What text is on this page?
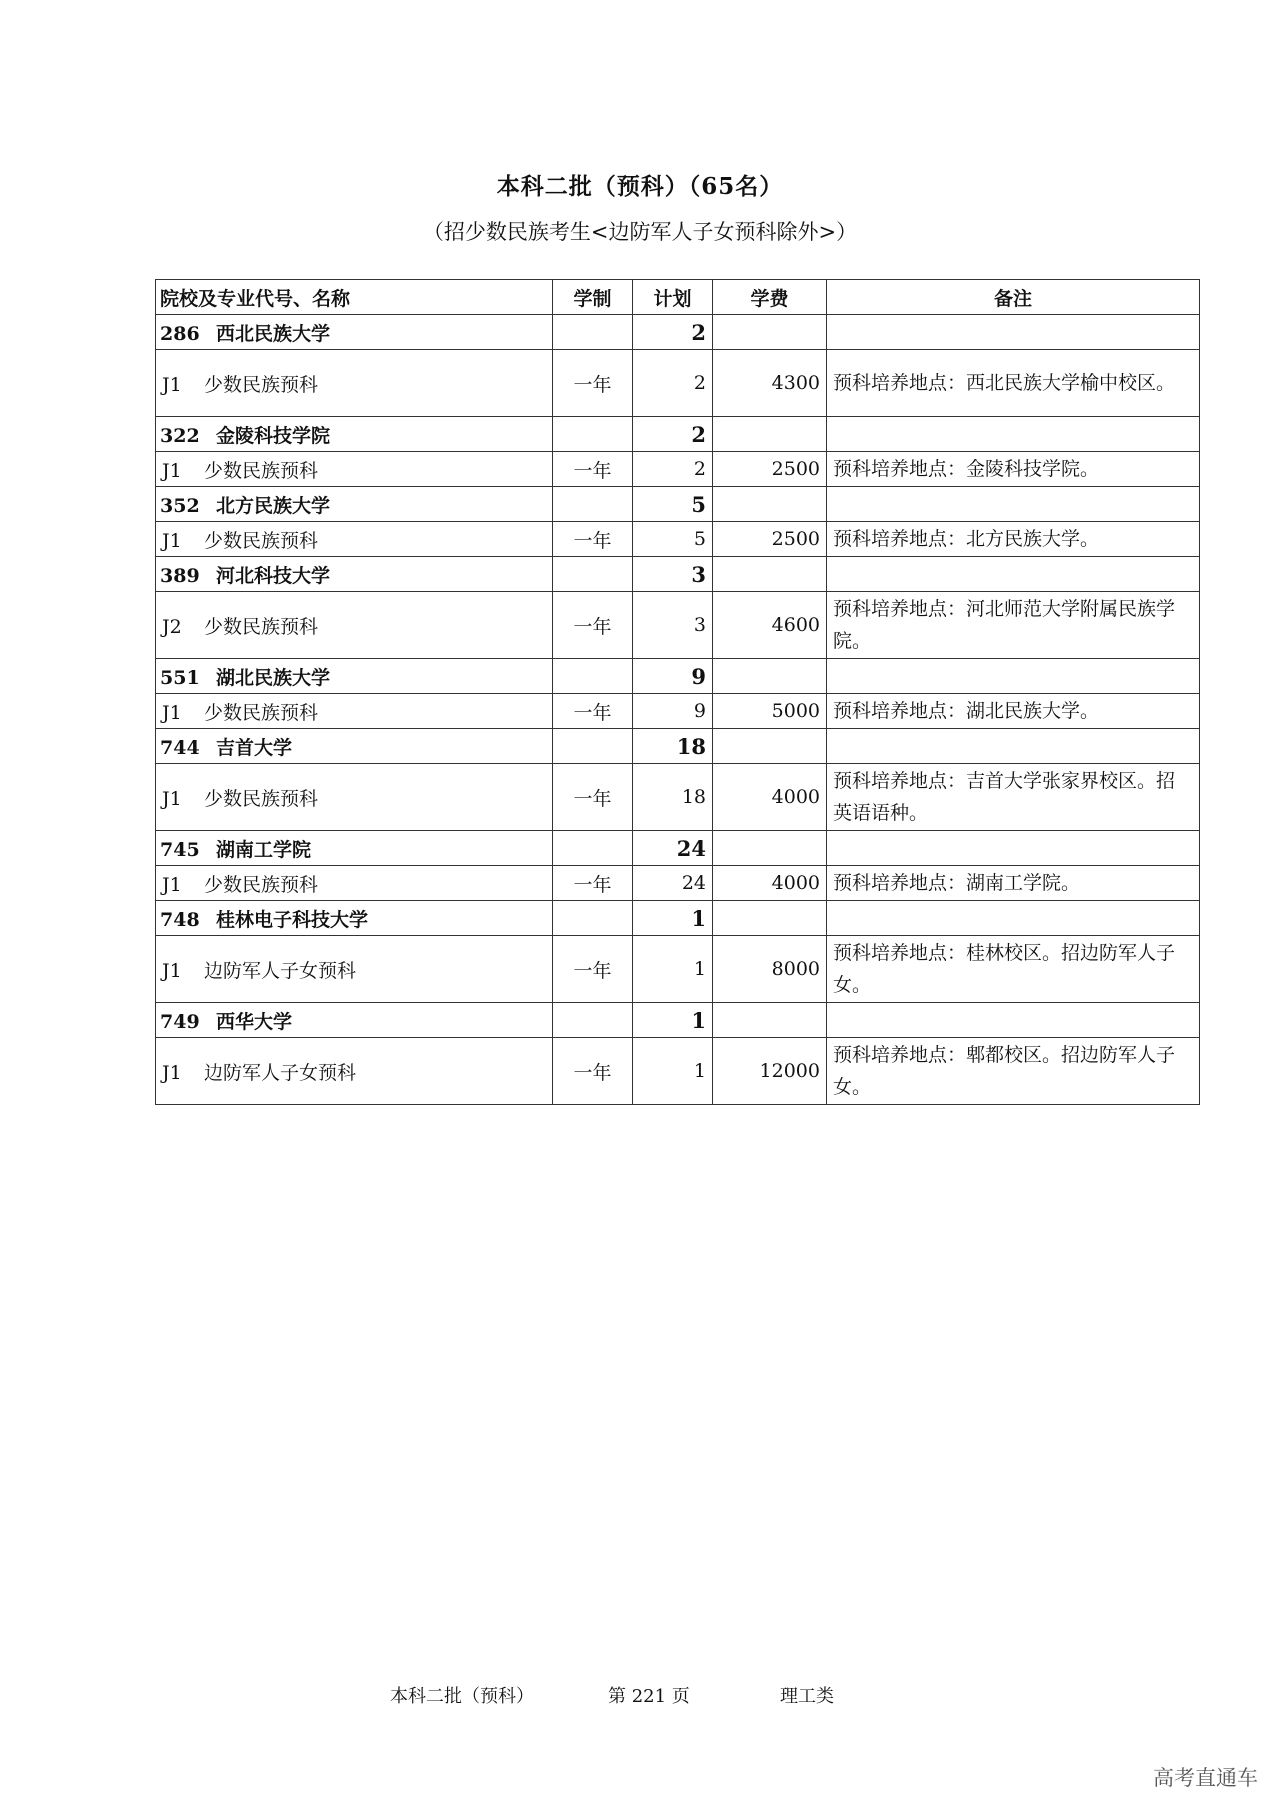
本科二批（预科）（65名）
（招少数民族考生<边防军人子女预科除外>）
院校及专业代号、名称	学制	计划	学费	备注
286 西北民族大学		2		
J1 少数民族预科	一年	2	4300	预科培养地点：西北民族大学榆中校区。
322 金陵科技学院		2		
J1 少数民族预科	一年	2	2500	预科培养地点：金陵科技学院。
352 北方民族大学		5		
J1 少数民族预科	一年	5	2500	预科培养地点：北方民族大学。
389 河北科技大学		3		
J2 少数民族预科	一年	3	4600	预科培养地点：河北师范大学附属民族学院。
551 湖北民族大学		9		
J1 少数民族预科	一年	9	5000	预科培养地点：湖北民族大学。
744 吉首大学		18		
J1 少数民族预科	一年	18	4000	预科培养地点：吉首大学张家界校区。招英语语种。
745 湖南工学院		24		
J1 少数民族预科	一年	24	4000	预科培养地点：湖南工学院。
748 桂林电子科技大学		1		
J1 边防军人子女预科	一年	1	8000	预科培养地点：桂林校区。招边防军人子女。
749 西华大学		1		
J1 边防军人子女预科	一年	1	12000	预科培养地点：郫都校区。招边防军人子女。
本科二批（预科）	第 221 页	理工类
高考直通车
